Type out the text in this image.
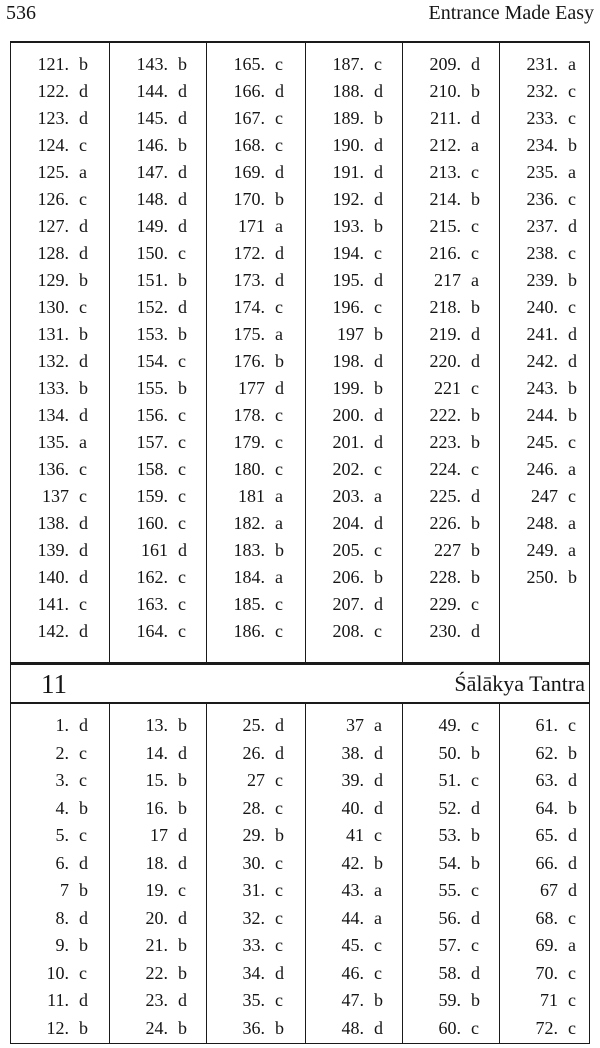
536	Entrance Made Easy
121. b
122. d
123. d
124. c
125. a
126. c
127. d
128. d
129. b
130. c
131. b
132. d
133. b
134. d
135. a
136. c
137 c
138. d
139. d
140. d
141. c
142. d
143. b
144. d
145. d
146. b
147. d
148. d
149. d
150. c
151. b
152. d
153. b
154. c
155. b
156. c
157. c
158. c
159. c
160. c
161 d
162. c
163. c
164. c
165. c
166. d
167. c
168. c
169. d
170. b
171 a
172. d
173. d
174. c
175. a
176. b
177 d
178. c
179. c
180. c
181 a
182. a
183. b
184. a
185. c
186. c
187. c
188. d
189. b
190. d
191. d
192. d
193. b
194. c
195. d
196. c
197 b
198. d
199. b
200. d
201. d
202. c
203. a
204. d
205. c
206. b
207. d
208. c
209. d
210. b
211. d
212. a
213. c
214. b
215. c
216. c
217 a
218. b
219. d
220. d
221 c
222. b
223. b
224. c
225. d
226. b
227 b
228. b
229. c
230. d
231. a
232. c
233. c
234. b
235. a
236. c
237. d
238. c
239. b
240. c
241. d
242. d
243. b
244. b
245. c
246. a
247 c
248. a
249. a
250. b
11	Śālākya Tantra
1. d
2. c
3. c
4. b
5. c
6. d
7 b
8. d
9. b
10. c
11. d
12. b
13. b
14. d
15. b
16. b
17 d
18. d
19. c
20. d
21. b
22. b
23. d
24. b
25. d
26. d
27 c
28. c
29. b
30. c
31. c
32. c
33. c
34. d
35. c
36. b
37 a
38. d
39. d
40. d
41 c
42. b
43. a
44. a
45. c
46. c
47. b
48. d
49. c
50. b
51. c
52. d
53. b
54. b
55. c
56. d
57. c
58. d
59. b
60. c
61. c
62. b
63. d
64. b
65. d
66. d
67 d
68. c
69. a
70. c
71 c
72. c
